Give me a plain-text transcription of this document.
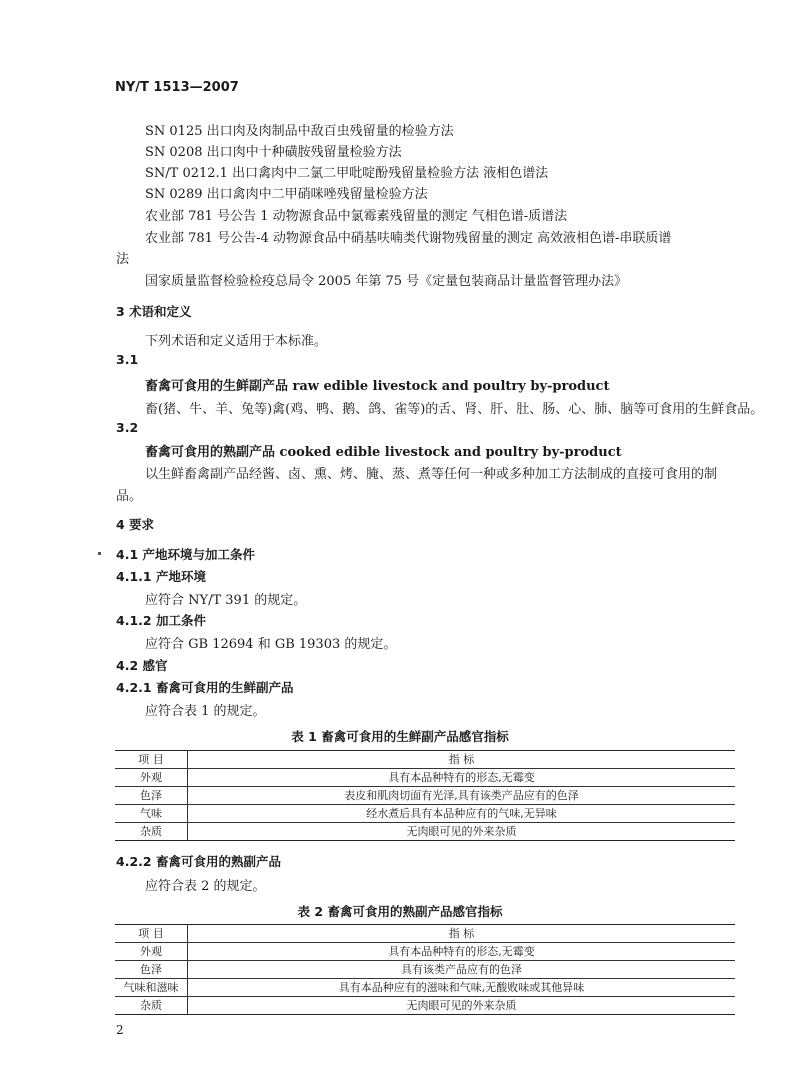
NY/T 1513—2007
SN 0125 出口肉及肉制品中敌百虫残留量的检验方法
SN 0208 出口肉中十种磺胺残留量检验方法
SN/T 0212.1 出口禽肉中二氯二甲吡啶酚残留量检验方法 液相色谱法
SN 0289 出口禽肉中二甲硝咪唑残留量检验方法
农业部 781 号公告 1 动物源食品中氯霉素残留量的测定 气相色谱-质谱法
农业部 781 号公告-4 动物源食品中硝基呋喃类代谢物残留量的测定 高效液相色谱-串联质谱
法
国家质量监督检验检疫总局令 2005 年第 75 号《定量包装商品计量监督管理办法》
3 术语和定义
下列术语和定义适用于本标准。
3.1
畜禽可食用的生鲜副产品 raw edible livestock and poultry by-product
畜(猪、牛、羊、兔等)禽(鸡、鸭、鹅、鸽、雀等)的舌、肾、肝、肚、肠、心、肺、脑等可食用的生鲜食品。
3.2
畜禽可食用的熟副产品 cooked edible livestock and poultry by-product
以生鲜畜禽副产品经酱、卤、熏、烤、腌、蒸、煮等任何一种或多种加工方法制成的直接可食用的制
品。
4 要求
4.1 产地环境与加工条件
4.1.1 产地环境
应符合 NY/T 391 的规定。
4.1.2 加工条件
应符合 GB 12694 和 GB 19303 的规定。
4.2 感官
4.2.1 畜禽可食用的生鲜副产品
应符合表 1 的规定。
表 1 畜禽可食用的生鲜副产品感官指标
项 目	指 标
外观	具有本品种特有的形态,无霉变
色泽	表皮和肌肉切面有光泽,具有该类产品应有的色泽
气味	经水煮后具有本品种应有的气味,无异味
杂质	无肉眼可见的外来杂质
4.2.2 畜禽可食用的熟副产品
应符合表 2 的规定。
表 2 畜禽可食用的熟副产品感官指标
项 目	指 标
外观	具有本品种特有的形态,无霉变
色泽	具有该类产品应有的色泽
气味和滋味	具有本品种应有的滋味和气味,无酸败味或其他异味
杂质	无肉眼可见的外来杂质
2
